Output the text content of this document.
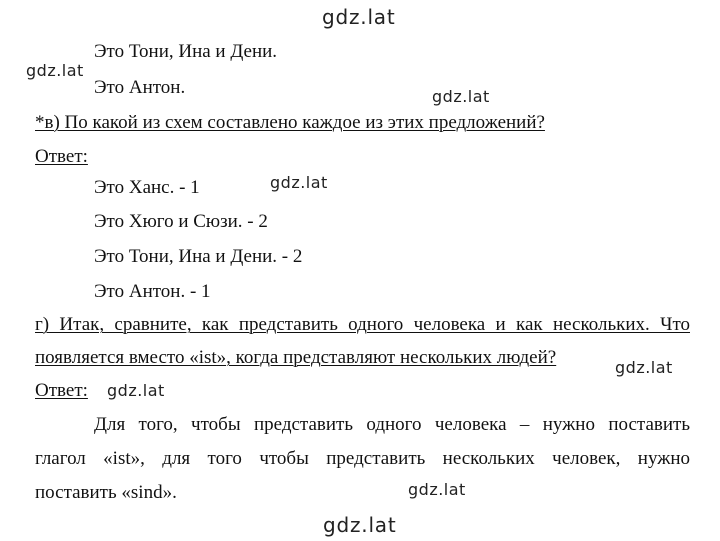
gdz.lat
gdz.lat
gdz.lat
gdz.lat
gdz.lat
gdz.lat
gdz.lat
gdz.lat
Это Тони, Ина и Дени.
Это Антон.
*в) По какой из схем составлено каждое из этих предложений?
Ответ:
Это Ханс. - 1
Это Хюго и Сюзи. - 2
Это Тони, Ина и Дени. - 2
Это Антон. - 1
г) Итак, сравните, как представить одного человека и как нескольких. Что
появляется вместо «ist», когда представляют нескольких людей?
Ответ:
Для того, чтобы представить одного человека – нужно поставить
глагол «ist», для того чтобы представить нескольких человек, нужно
поставить «sind».
